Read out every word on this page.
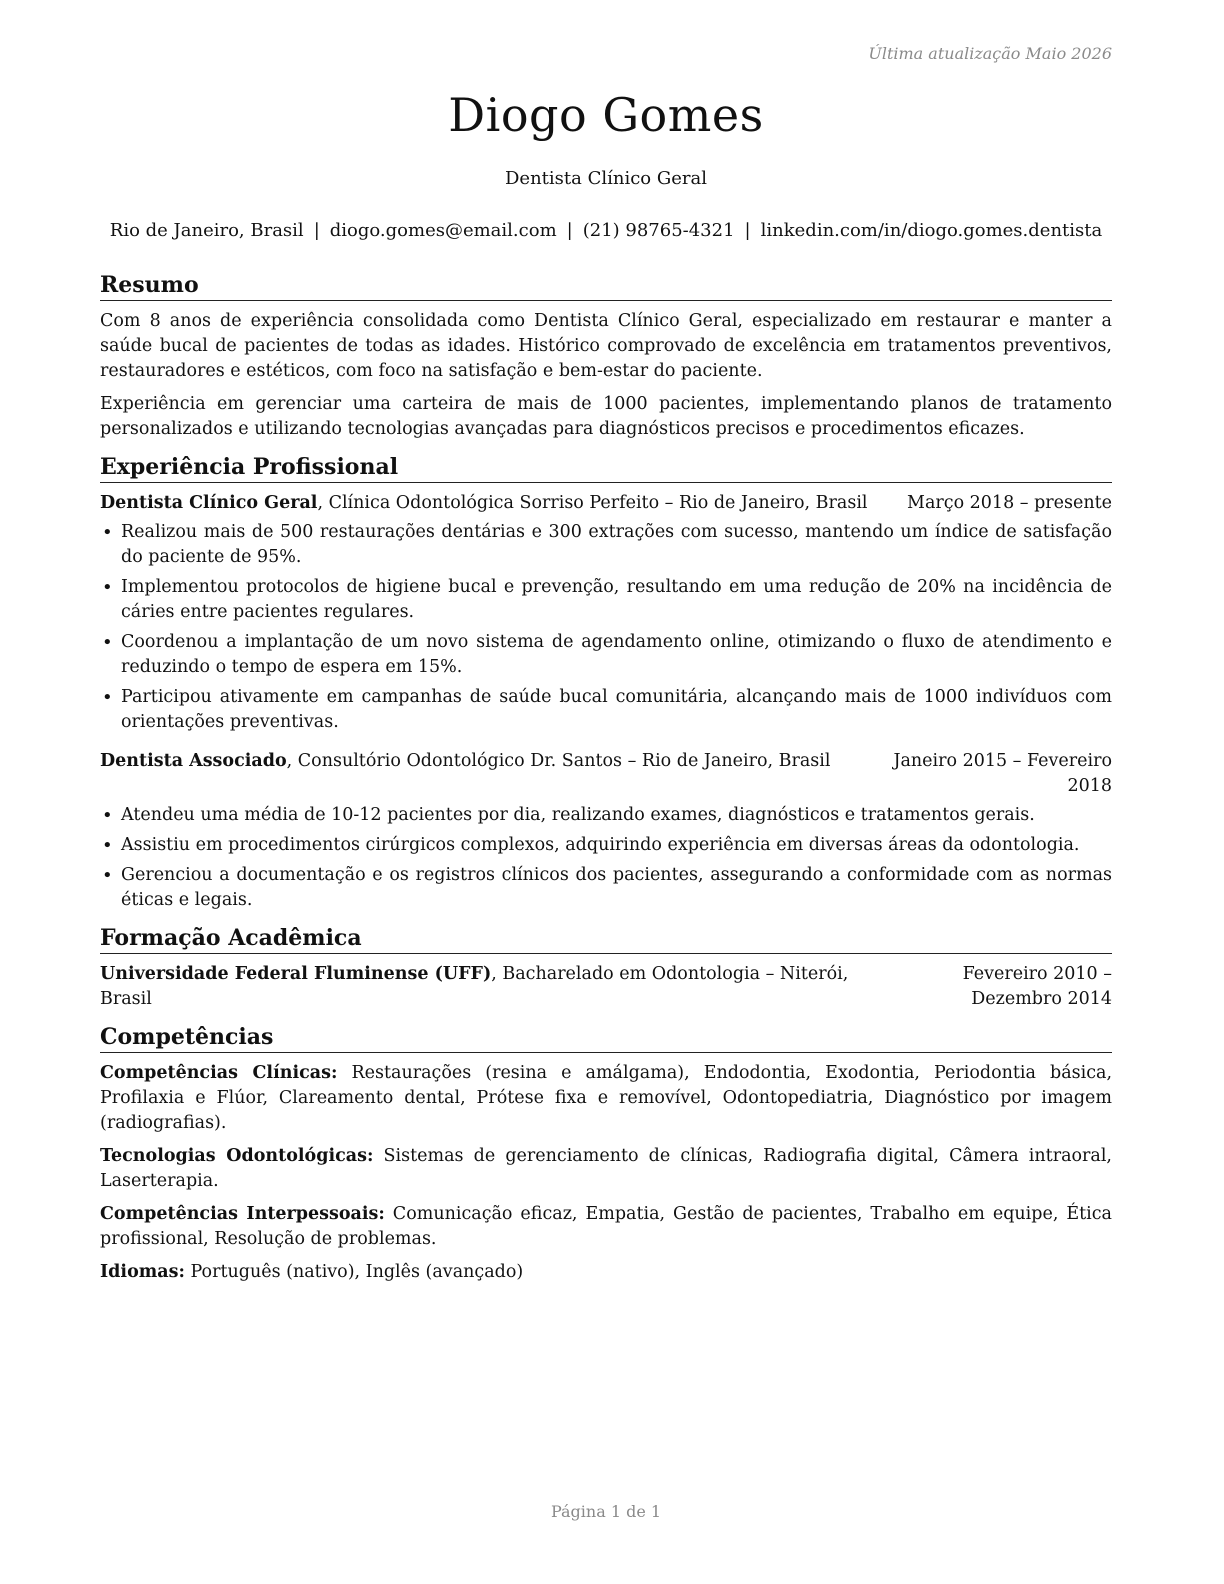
Última atualização Maio 2026
Diogo Gomes
Dentista Clínico Geral
Rio de Janeiro, Brasil | diogo.gomes@email.com | (21) 98765-4321 | linkedin.com/in/diogo.gomes.dentista
Resumo

Com 8 anos de experiência consolidada como Dentista Clínico Geral, especializado em restaurar e manter a saúde bucal de pacientes de todas as idades. Histórico comprovado de excelência em tratamentos preventivos, restauradores e estéticos, com foco na satisfação e bem-estar do paciente.

Experiência em gerenciar uma carteira de mais de 1000 pacientes, implementando planos de tratamento personalizados e utilizando tecnologias avançadas para diagnósticos precisos e procedimentos eficazes.

Experiência Profissional
Dentista Clínico Geral, Clínica Odontológica Sorriso Perfeito – Rio de Janeiro, Brasil	Março 2018 – presente
• Realizou mais de 500 restaurações dentárias e 300 extrações com sucesso, mantendo um índice de satisfação do paciente de 95%.
• Implementou protocolos de higiene bucal e prevenção, resultando em uma redução de 20% na incidência de cáries entre pacientes regulares.
• Coordenou a implantação de um novo sistema de agendamento online, otimizando o fluxo de atendimento e reduzindo o tempo de espera em 15%.
• Participou ativamente em campanhas de saúde bucal comunitária, alcançando mais de 1000 indivíduos com orientações preventivas.
Dentista Associado, Consultório Odontológico Dr. Santos – Rio de Janeiro, Brasil	Janeiro 2015 – Fevereiro 2018
• Atendeu uma média de 10-12 pacientes por dia, realizando exames, diagnósticos e tratamentos gerais.
• Assistiu em procedimentos cirúrgicos complexos, adquirindo experiência em diversas áreas da odontologia.
• Gerenciou a documentação e os registros clínicos dos pacientes, assegurando a conformidade com as normas éticas e legais.
Formação Acadêmica
Universidade Federal Fluminense (UFF), Bacharelado em Odontologia – Niterói, Brasil
Fevereiro 2010 – Dezembro 2014
Competências
Competências Clínicas: Restaurações (resina e amálgama), Endodontia, Exodontia, Periodontia básica, Profilaxia e Flúor, Clareamento dental, Prótese fixa e removível, Odontopediatria, Diagnóstico por imagem (radiografias).
Tecnologias Odontológicas: Sistemas de gerenciamento de clínicas, Radiografia digital, Câmera intraoral, Laserterapia.
Competências Interpessoais: Comunicação eficaz, Empatia, Gestão de pacientes, Trabalho em equipe, Ética profissional, Resolução de problemas.
Idiomas: Português (nativo), Inglês (avançado)
Página 1 de 1
